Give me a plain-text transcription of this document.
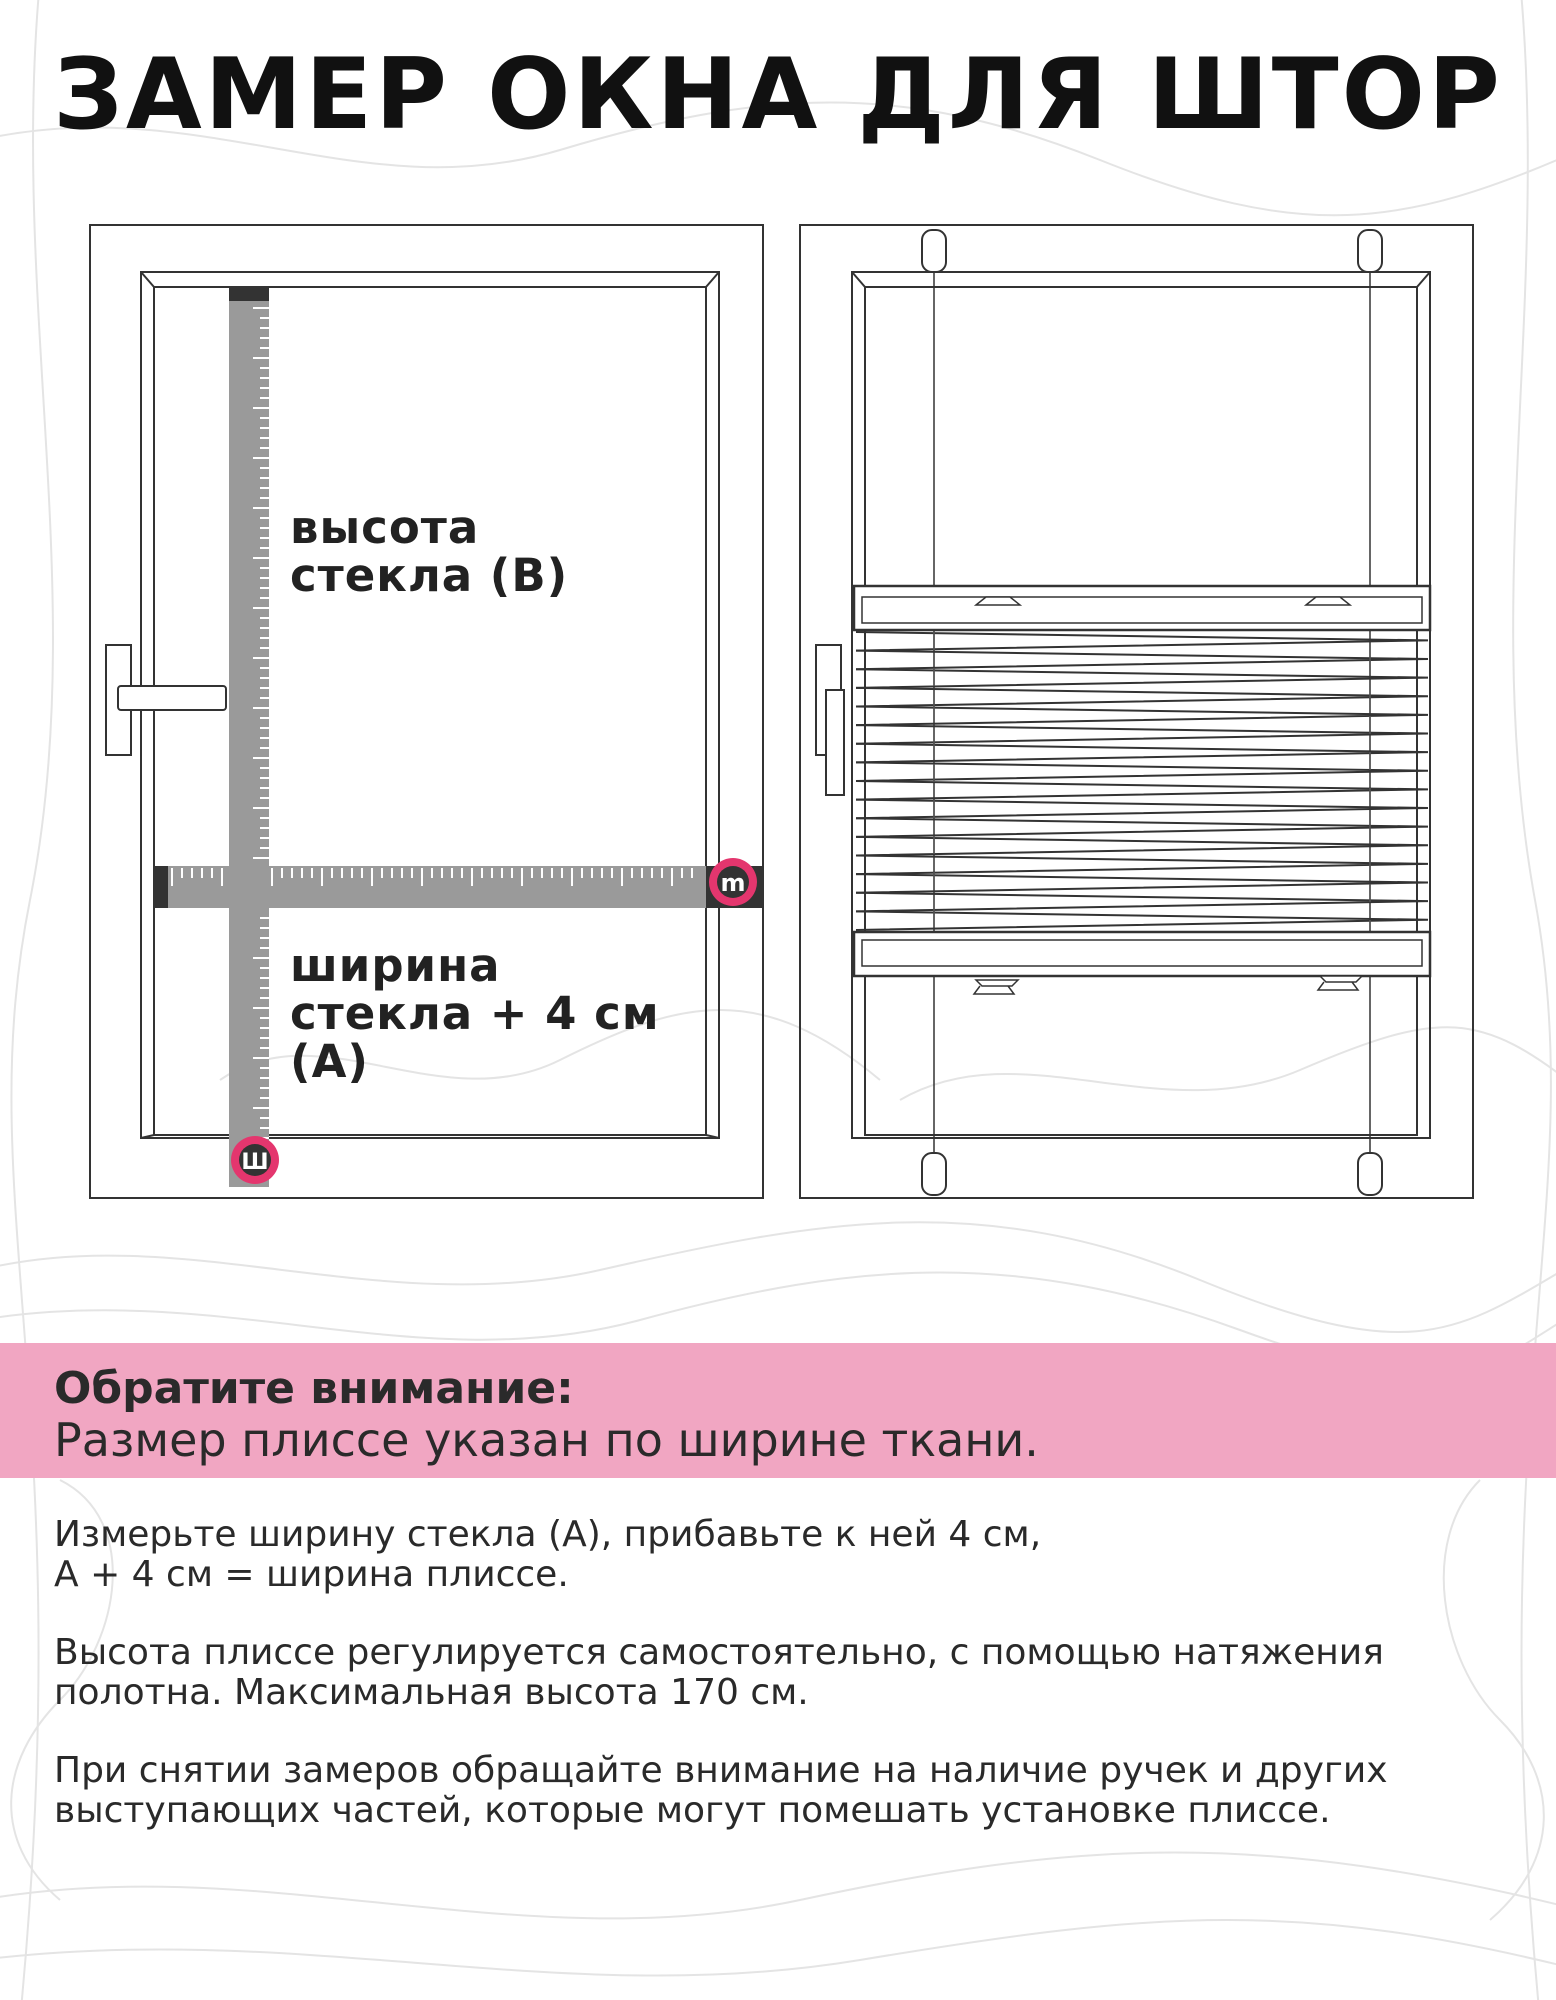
ЗАМЕР ОКНА ДЛЯ ШТОР
m
Ш
высота
стекла (B)
ширина
стекла + 4 см
(А)

Обратите внимание:

Размер плиссе указан по ширине ткани.

Измерьте ширину стекла (А), прибавьте к ней 4 см,
А + 4 см = ширина плиссе.

Высота плиссе регулируется самостоятельно, с помощью натяжения
полотна. Максимальная высота 170 см.

При снятии замеров обращайте внимание на наличие ручек и других
выступающих частей, которые могут помешать установке плиссе.
